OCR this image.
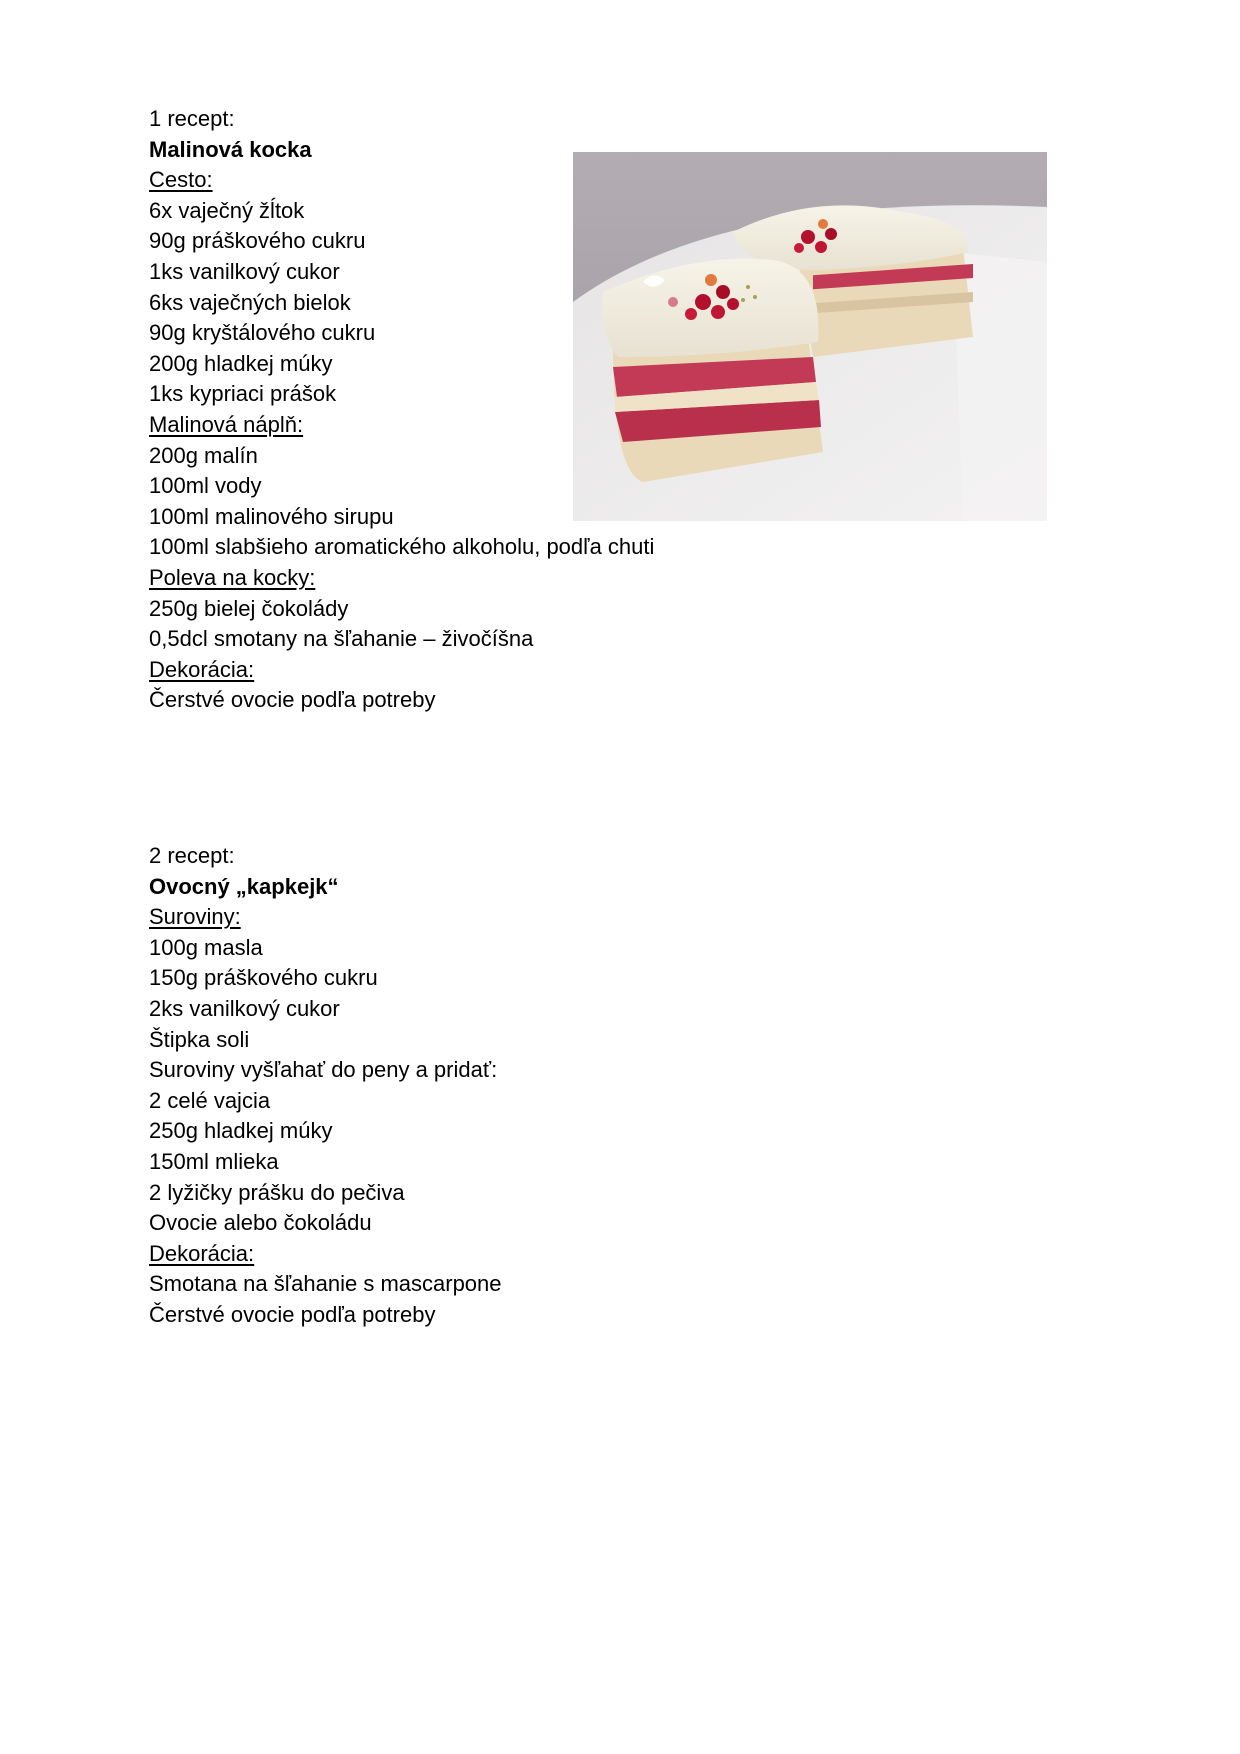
1 recept:

Malinová kocka

Cesto:

6x vaječný žĺtok

90g práškového cukru

1ks vanilkový cukor

6ks vaječných bielok

90g kryštálového cukru

200g hladkej múky

1ks kypriaci prášok

Malinová náplň:

200g malín

100ml vody

100ml malinového sirupu

100ml slabšieho aromatického alkoholu, podľa chuti

Poleva na kocky:

250g bielej čokolády

0,5dcl smotany na šľahanie – živočíšna

Dekorácia:

Čerstvé ovocie podľa potreby

2 recept:

Ovocný „kapkejk“

Suroviny:

100g masla

150g práškového cukru

2ks vanilkový cukor

Štipka soli

Suroviny vyšľahať do peny a pridať:

2 celé vajcia

250g hladkej múky

150ml mlieka

2 lyžičky prášku do pečiva

Ovocie alebo čokoládu

Dekorácia:

Smotana na šľahanie s mascarpone

Čerstvé ovocie podľa potreby
